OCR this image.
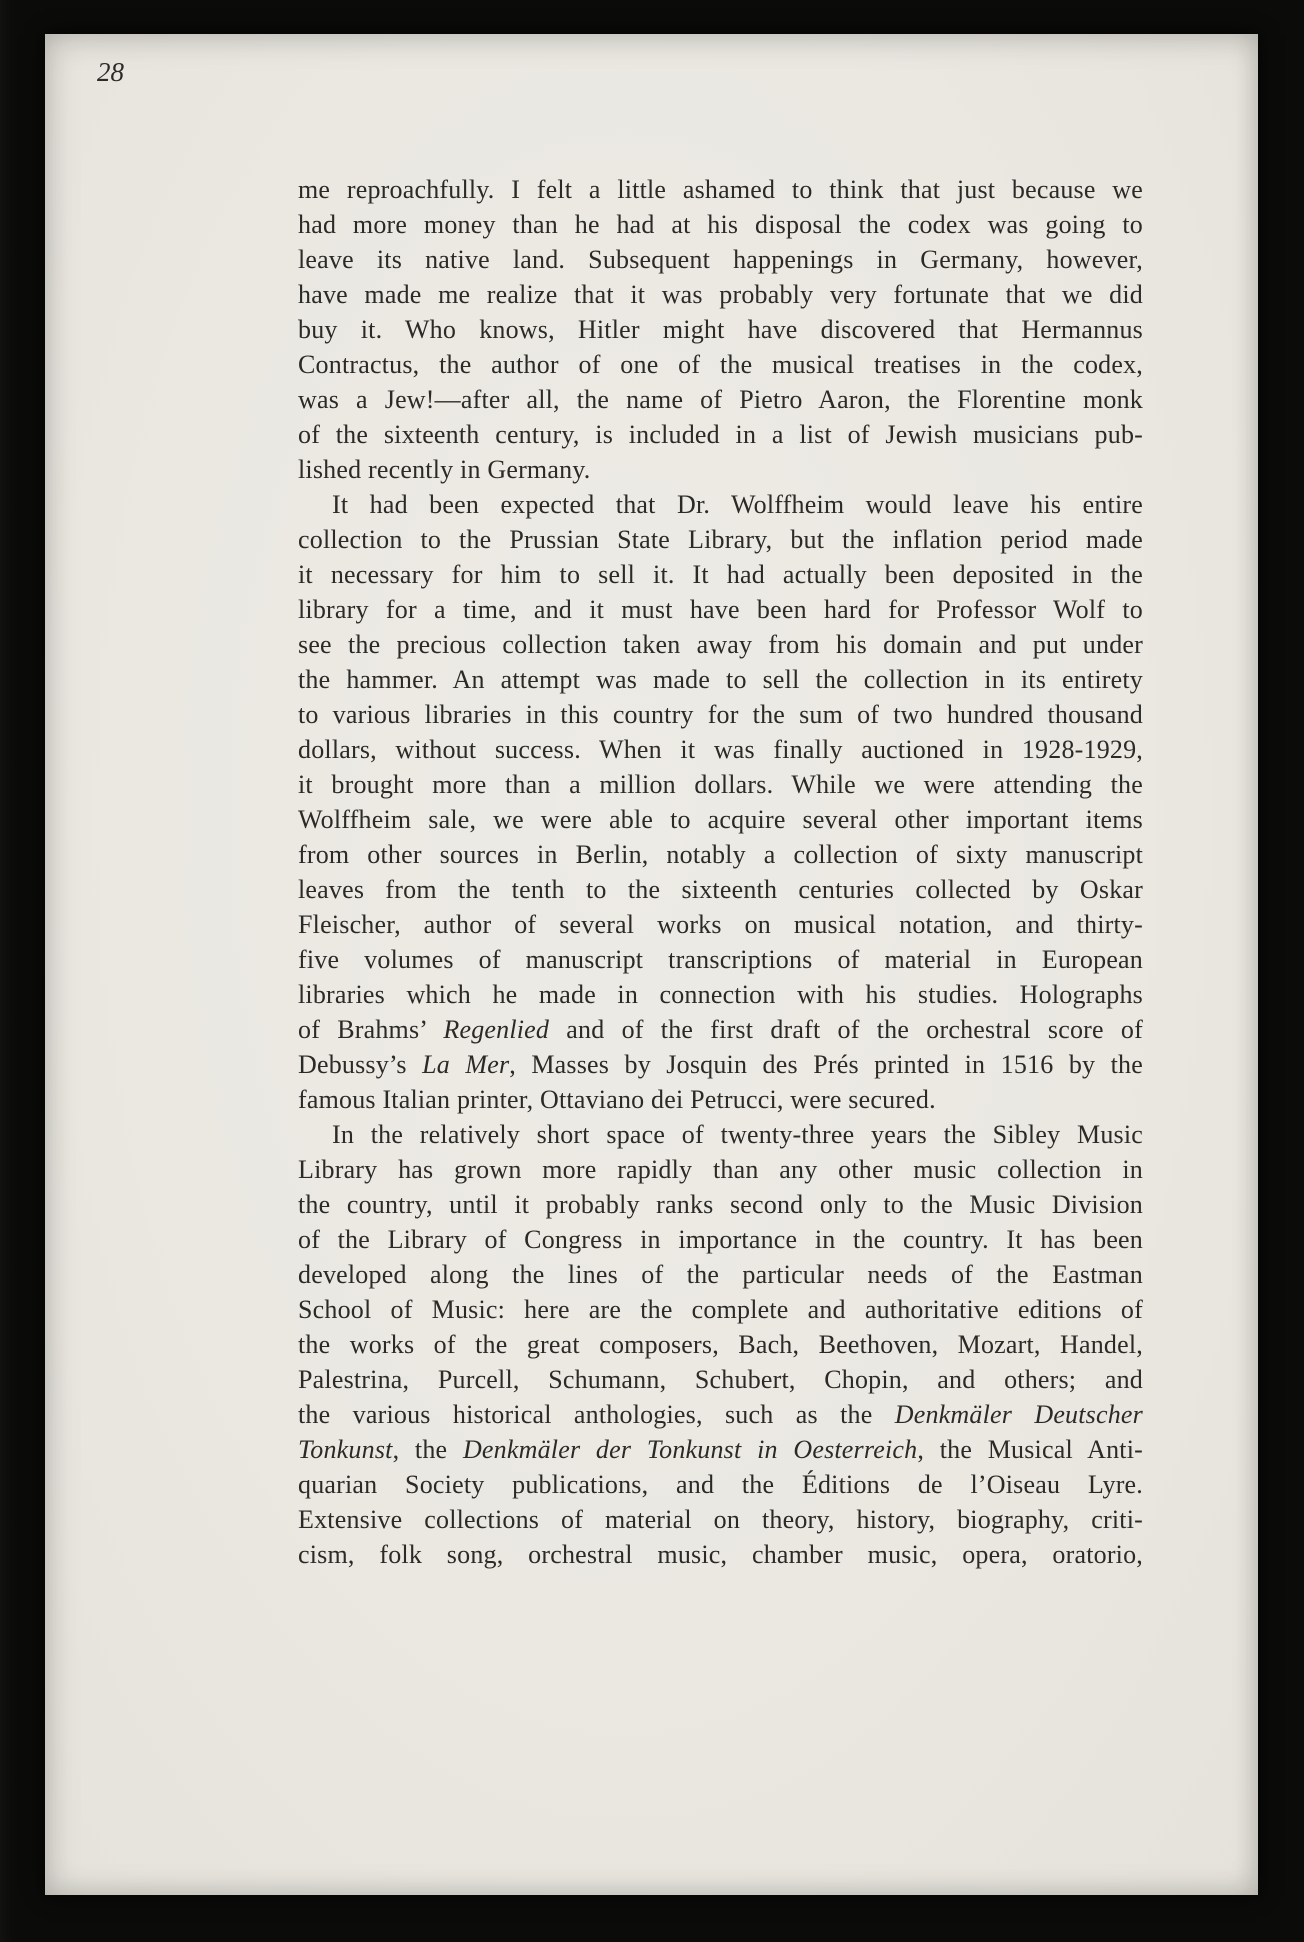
me reproachfully. I felt a little ashamed to think that just because we
had more money than he had at his disposal the codex was going to
leave its native land. Subsequent happenings in Germany, however,
have made me realize that it was probably very fortunate that we did
buy it. Who knows, Hitler might have discovered that Hermannus
Contractus, the author of one of the musical treatises in the codex,
was a Jew!—after all, the name of Pietro Aaron, the Florentine monk
of the sixteenth century, is included in a list of Jewish musicians pub-
lished recently in Germany.
It had been expected that Dr. Wolffheim would leave his entire
collection to the Prussian State Library, but the inflation period made
it necessary for him to sell it. It had actually been deposited in the
library for a time, and it must have been hard for Professor Wolf to
see the precious collection taken away from his domain and put under
the hammer. An attempt was made to sell the collection in its entirety
to various libraries in this country for the sum of two hundred thousand
dollars, without success. When it was finally auctioned in 1928-1929,
it brought more than a million dollars. While we were attending the
Wolffheim sale, we were able to acquire several other important items
from other sources in Berlin, notably a collection of sixty manuscript
leaves from the tenth to the sixteenth centuries collected by Oskar
Fleischer, author of several works on musical notation, and thirty-
five volumes of manuscript transcriptions of material in European
libraries which he made in connection with his studies. Holographs
of Brahms’ Regenlied and of the first draft of the orchestral score of
Debussy’s La Mer, Masses by Josquin des Prés printed in 1516 by the
famous Italian printer, Ottaviano dei Petrucci, were secured.
In the relatively short space of twenty-three years the Sibley Music
Library has grown more rapidly than any other music collection in
the country, until it probably ranks second only to the Music Division
of the Library of Congress in importance in the country. It has been
developed along the lines of the particular needs of the Eastman
School of Music: here are the complete and authoritative editions of
the works of the great composers, Bach, Beethoven, Mozart, Handel,
Palestrina, Purcell, Schumann, Schubert, Chopin, and others; and
the various historical anthologies, such as the Denkmäler Deutscher
Tonkunst, the Denkmäler der Tonkunst in Oesterreich, the Musical Anti-
quarian Society publications, and the Éditions de l’Oiseau Lyre.
Extensive collections of material on theory, history, biography, criti-
cism, folk song, orchestral music, chamber music, opera, oratorio,
28
